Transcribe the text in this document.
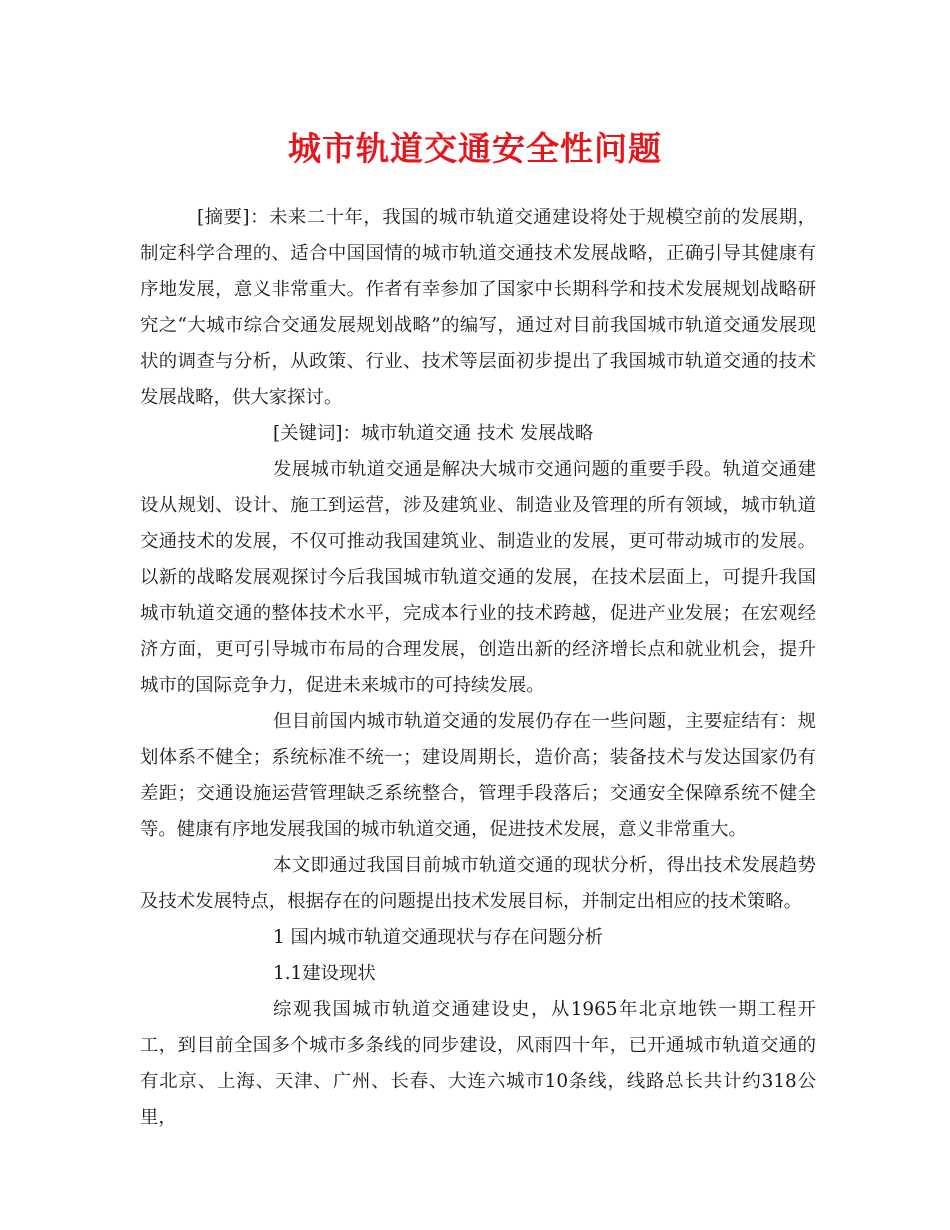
城市轨道交通安全性问题

[摘要]：未来二十年，我国的城市轨道交通建设将处于规模空前的发展期，制定科学合理的、适合中国国情的城市轨道交通技术发展战略，正确引导其健康有序地发展，意义非常重大。作者有幸参加了国家中长期科学和技术发展规划战略研究之“大城市综合交通发展规划战略”的编写，通过对目前我国城市轨道交通发展现状的调查与分析，从政策、行业、技术等层面初步提出了我国城市轨道交通的技术发展战略，供大家探讨。

[关键词]：城市轨道交通 技术 发展战略

发展城市轨道交通是解决大城市交通问题的重要手段。轨道交通建设从规划、设计、施工到运营，涉及建筑业、制造业及管理的所有领域，城市轨道交通技术的发展，不仅可推动我国建筑业、制造业的发展，更可带动城市的发展。以新的战略发展观探讨今后我国城市轨道交通的发展，在技术层面上，可提升我国城市轨道交通的整体技术水平，完成本行业的技术跨越，促进产业发展；在宏观经济方面，更可引导城市布局的合理发展，创造出新的经济增长点和就业机会，提升城市的国际竞争力，促进未来城市的可持续发展。

但目前国内城市轨道交通的发展仍存在一些问题，主要症结有：规划体系不健全；系统标准不统一；建设周期长，造价高；装备技术与发达国家仍有差距；交通设施运营管理缺乏系统整合，管理手段落后；交通安全保障系统不健全等。健康有序地发展我国的城市轨道交通，促进技术发展，意义非常重大。

本文即通过我国目前城市轨道交通的现状分析，得出技术发展趋势及技术发展特点，根据存在的问题提出技术发展目标，并制定出相应的技术策略。

1 国内城市轨道交通现状与存在问题分析

1.1建设现状

综观我国城市轨道交通建设史，从1965年北京地铁一期工程开工，到目前全国多个城市多条线的同步建设，风雨四十年，已开通城市轨道交通的有北京、上海、天津、广州、长春、大连六城市10条线，线路总长共计约318公里，
